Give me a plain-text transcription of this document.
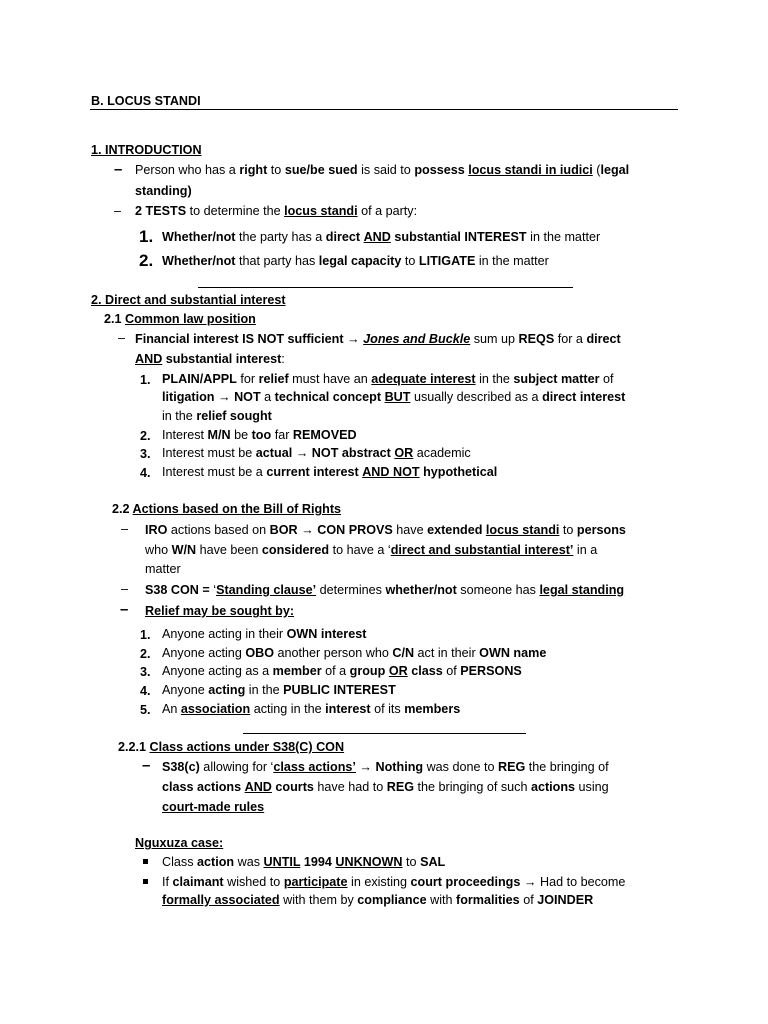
B. LOCUS STANDI
1. INTRODUCTION
– Person who has a right to sue/be sued is said to possess locus standi in iudici (legal
standing)
– 2 TESTS to determine the locus standi of a party:
1. Whether/not the party has a direct AND substantial INTEREST in the matter
2. Whether/not that party has legal capacity to LITIGATE in the matter
2. Direct and substantial interest
2.1 Common law position
– Financial interest IS NOT sufficient → Jones and Buckle sum up REQS for a direct
AND substantial interest:
1. PLAIN/APPL for relief must have an adequate interest in the subject matter of
litigation → NOT a technical concept BUT usually described as a direct interest
in the relief sought
2. Interest M/N be too far REMOVED
3. Interest must be actual → NOT abstract OR academic
4. Interest must be a current interest AND NOT hypothetical
2.2 Actions based on the Bill of Rights
– IRO actions based on BOR → CON PROVS have extended locus standi to persons
who W/N have been considered to have a ‘direct and substantial interest’ in a
matter
– S38 CON = ‘Standing clause’ determines whether/not someone has legal standing
– Relief may be sought by:
1. Anyone acting in their OWN interest
2. Anyone acting OBO another person who C/N act in their OWN name
3. Anyone acting as a member of a group OR class of PERSONS
4. Anyone acting in the PUBLIC INTEREST
5. An association acting in the interest of its members
2.2.1 Class actions under S38(C) CON
– S38(c) allowing for ‘class actions’ → Nothing was done to REG the bringing of
class actions AND courts have had to REG the bringing of such actions using
court-made rules
Nguxuza case:
Class action was UNTIL 1994 UNKNOWN to SAL
If claimant wished to participate in existing court proceedings → Had to become
formally associated with them by compliance with formalities of JOINDER
